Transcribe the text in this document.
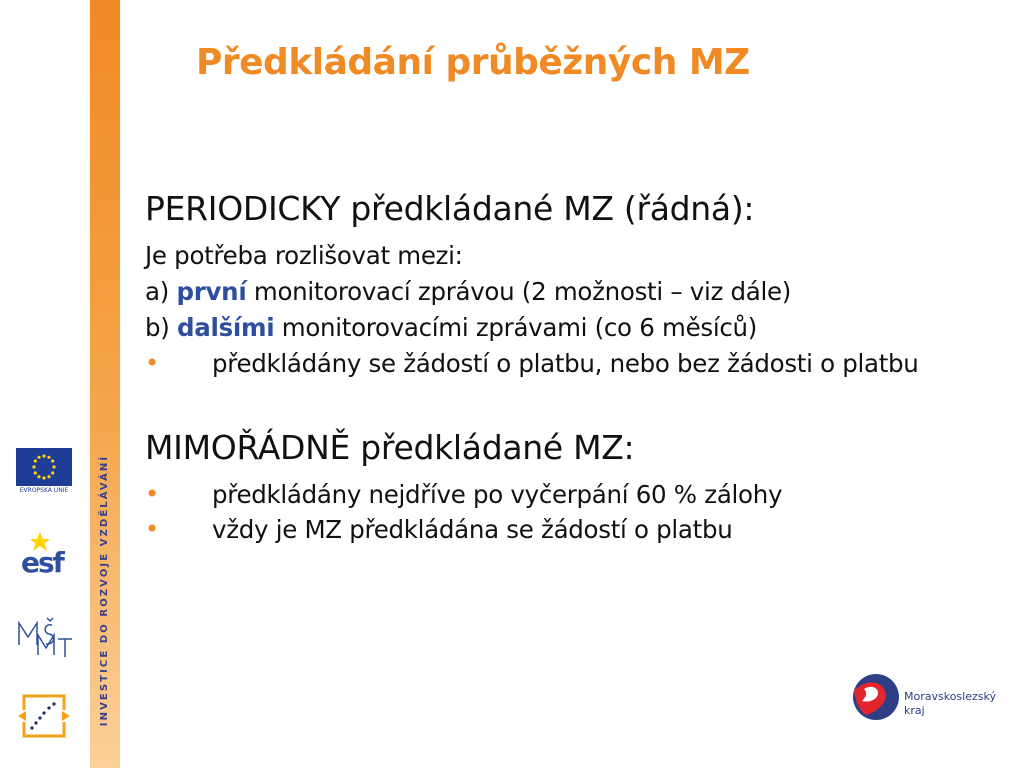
INVESTICE DO ROZVOJE VZDĚLÁVÁNÍ
Předkládání průběžných MZ

PERIODICKY předkládané MZ (řádná):

Je potřeba rozlišovat mezi:

a) první monitorovací zprávou (2 možnosti – viz dále)

b) dalšími monitorovacími zprávami (co 6 měsíců)

• předkládány se žádostí o platbu, nebo bez žádosti o platbu

MIMOŘÁDNĚ předkládané MZ:

• předkládány nejdříve po vyčerpání 60 % zálohy
• vždy je MZ předkládána se žádostí o platbu
EVROPSKÁ UNIE
esf
Moravskoslezský
kraj
